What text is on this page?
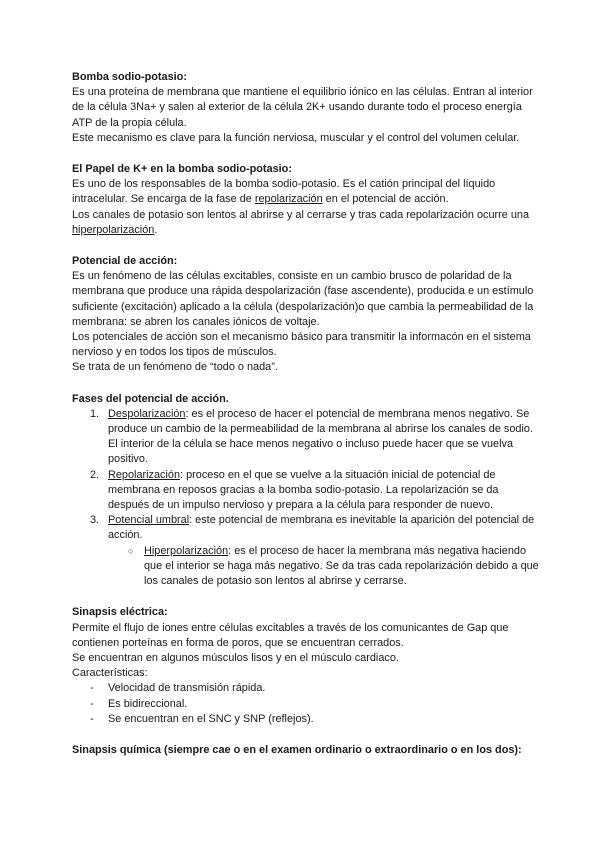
Bomba sodio-potasio:
Es una proteína de membrana que mantiene el equilibrio iónico en las células. Entran al interior de la célula 3Na+ y salen al exterior de la célula 2K+ usando durante todo el proceso energía ATP de la propia célula.
Este mecanismo es clave para la función nerviosa, muscular y el control del volumen celular.
El Papel de K+ en la bomba sodio-potasio:
Es uno de los responsables de la bomba sodio-potasio. Es el catión principal del líquido intracelular. Se encarga de la fase de repolarización en el potencial de acción.
Los canales de potasio son lentos al abrirse y al cerrarse y tras cada repolarización ocurre una hiperpolarización.
Potencial de acción:
Es un fenómeno de las células excitables, consiste en un cambio brusco de polaridad de la membrana que produce una rápida despolarización (fase ascendente), producida e un estímulo suficiente (excitación) aplicado a la célula (despolarización)o que cambia la permeabilidad de la membrana: se abren los canales iónicos de voltaje.
Los potenciales de acción son el mecanismo básico para transmitir la informacón en el sistema nervioso y en todos los tipos de músculos.
Se trata de un fenómeno de “todo o nada”.
Fases del potencial de acción.
1. Despolarización: es el proceso de hacer el potencial de membrana menos negativo. Se produce un cambio de la permeabilidad de la membrana al abrirse los canales de sodio. El interior de la célula se hace menos negativo o incluso puede hacer que se vuelva positivo.
2. Repolarización: proceso en el que se vuelve a la situación inicial de potencial de membrana en reposos gracias a la bomba sodio-potasio. La repolarización se da después de un impulso nervioso y prepara a la célula para responder de nuevo.
3. Potencial umbral: este potencial de membrana es inevitable la aparición del potencial de acción.
○ Hiperpolarización: es el proceso de hacer la membrana más negativa haciendo que el interior se haga más negativo. Se da tras cada repolarización debido a que los canales de potasio son lentos al abrirse y cerrarse.
Sinapsis eléctrica:
Permite el flujo de iones entre células excitables a través de los comunicantes de Gap que contienen porteínas en forma de poros, que se encuentran cerrados.
Se encuentran en algunos músculos lisos y en el músculo cardiaco.
Características:
- Velocidad de transmisión rápida.
- Es bidireccional.
- Se encuentran en el SNC y SNP (reflejos).
Sinapsis química (siempre cae o en el examen ordinario o extraordinario o en los dos):
